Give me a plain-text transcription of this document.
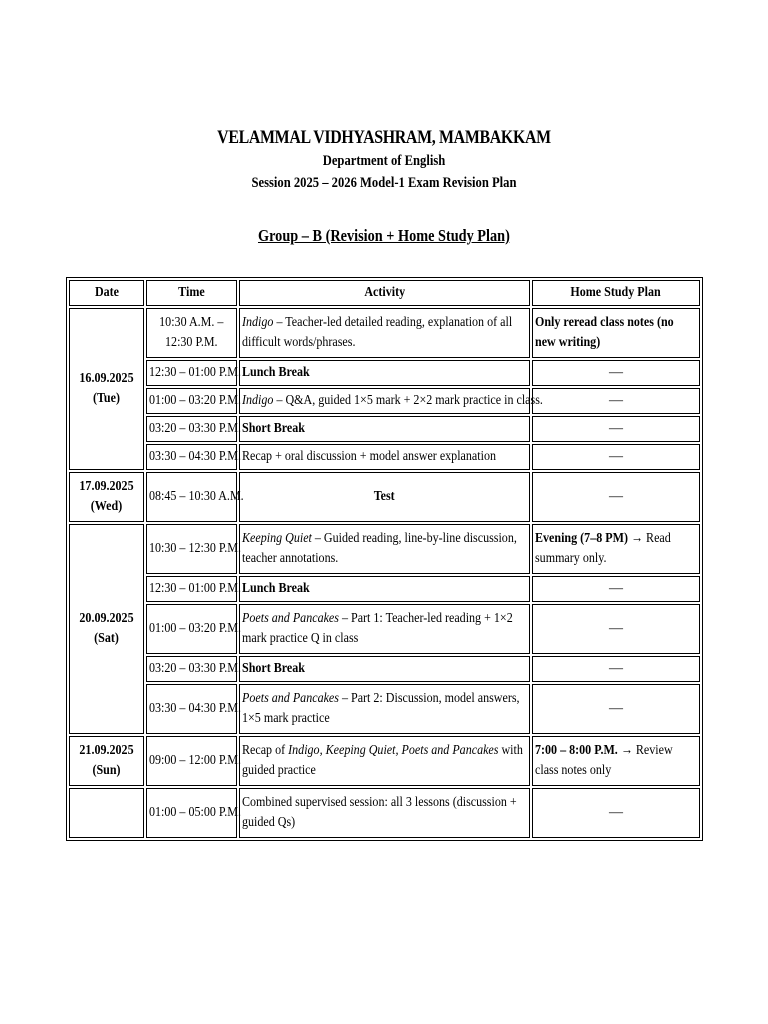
VELAMMAL VIDHYASHRAM, MAMBAKKAM
Department of English
Session 2025 – 2026 Model-1 Exam Revision Plan
Group – B (Revision + Home Study Plan)
Date	Time	Activity	Home Study Plan
16.09.2025
(Tue)	10:30 A.M. – 12:30 P.M.	Indigo – Teacher-led detailed reading, explanation of all difficult words/phrases.	Only reread class notes (no new writing)

	12:30 – 01:00 P.M.	Lunch Break	—
	01:00 – 03:20 P.M.	Indigo – Q&A, guided 1×5 mark + 2×2 mark practice in class.	—
	03:20 – 03:30 P.M.	Short Break	—
	03:30 – 04:30 P.M.	Recap + oral discussion + model answer explanation	—
17.09.2025
(Wed)	08:45 – 10:30 A.M.	Test	—
20.09.2025
(Sat)	10:30 – 12:30 P.M.	Keeping Quiet – Guided reading, line-by-line discussion, teacher annotations.	Evening (7–8 PM) → Read summary only.

	12:30 – 01:00 P.M.	Lunch Break	—
	01:00 – 03:20 P.M.	Poets and Pancakes – Part 1: Teacher-led reading + 1×2 mark practice Q in class	—
	03:20 – 03:30 P.M.	Short Break	—
	03:30 – 04:30 P.M.	Poets and Pancakes – Part 2: Discussion, model answers, 1×5 mark practice	—
21.09.2025
(Sun)	09:00 – 12:00 P.M.	Recap of Indigo, Keeping Quiet, Poets and Pancakes with guided practice	7:00 – 8:00 P.M. → Review class notes only

	01:00 – 05:00 P.M.	Combined supervised session: all 3 lessons (discussion + guided Qs)	—
